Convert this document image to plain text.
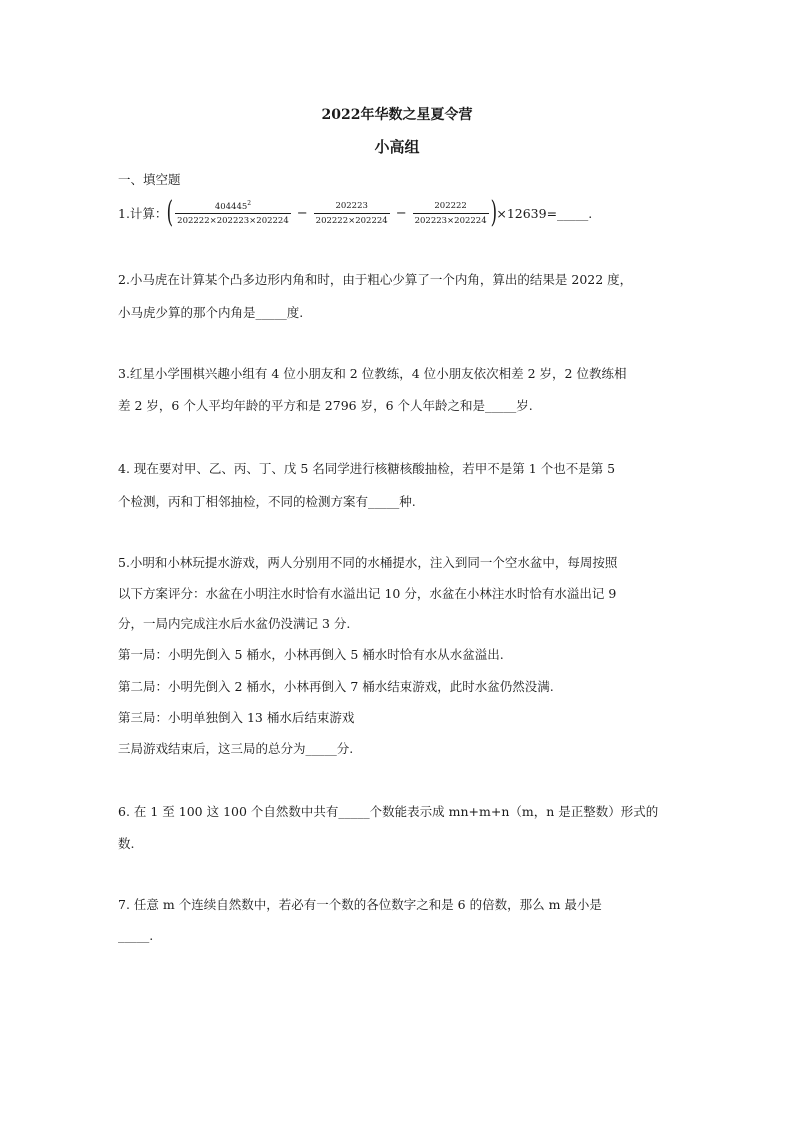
2022年华数之星夏令营
小高组
一、填空题
1.计算： ( $\frac{404445^2}{202222\times 202223\times 202224} - \frac{202223}{202222\times 202224} - \frac{202222}{202223\times 202224}$ ) ×12639=_____.
2.小马虎在计算某个凸多边形内角和时，由于粗心少算了一个内角，算出的结果是 2022 度，
小马虎少算的那个内角是_____度.
3.红星小学围棋兴趣小组有 4 位小朋友和 2 位教练，4 位小朋友依次相差 2 岁，2 位教练相
差 2 岁，6 个人平均年龄的平方和是 2796 岁，6 个人年龄之和是_____岁.
4. 现在要对甲、乙、丙、丁、戊 5 名同学进行核糖核酸抽检，若甲不是第 1 个也不是第 5
个检测，丙和丁相邻抽检，不同的检测方案有_____种.
5.小明和小林玩提水游戏，两人分别用不同的水桶提水，注入到同一个空水盆中，每周按照
以下方案评分：水盆在小明注水时恰有水溢出记 10 分，水盆在小林注水时恰有水溢出记 9
分，一局内完成注水后水盆仍没满记 3 分.
第一局：小明先倒入 5 桶水，小林再倒入 5 桶水时恰有水从水盆溢出.
第二局：小明先倒入 2 桶水，小林再倒入 7 桶水结束游戏，此时水盆仍然没满.
第三局：小明单独倒入 13 桶水后结束游戏
三局游戏结束后，这三局的总分为_____分.
6. 在 1 至 100 这 100 个自然数中共有_____个数能表示成 mn+m+n（m，n 是正整数）形式的
数.
7. 任意 m 个连续自然数中，若必有一个数的各位数字之和是 6 的倍数，那么 m 最小是
_____.
